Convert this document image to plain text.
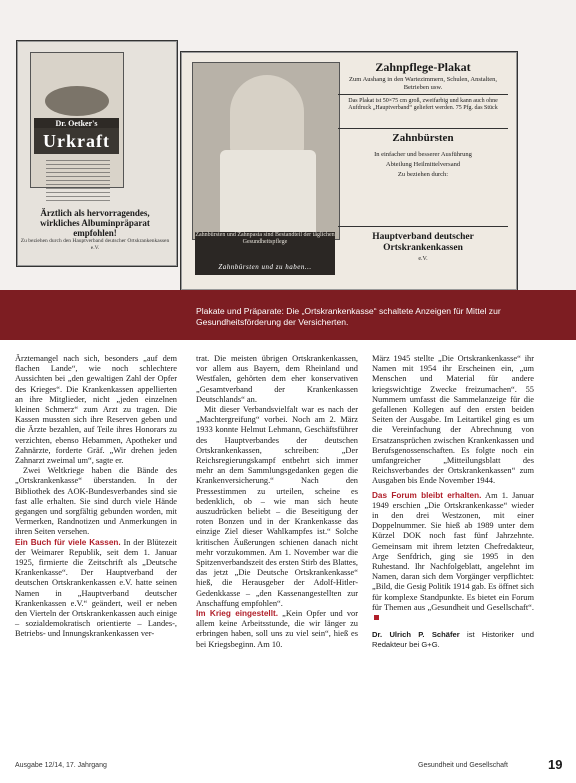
Dr. Oetker's
Urkraft
Ärztlich als hervorragendes, wirkliches Albuminpräparat empfohlen!
Zu beziehen durch den Hauptverband deutscher Ortskrankenkassen e.V.
Zahnbürsten und Zahnpasta sind Bestandteil der täglichen Gesundheitspflege
Zahnbürsten und zu haben...
Zahnpflege-Plakat
Zum Aushang in den Wartezimmern, Schulen, Anstalten, Betrieben usw.
Das Plakat ist 50×75 cm groß, zweifarbig und kann auch ohne Aufdruck „Hauptverband“ geliefert werden. 75 Pfg. das Stück
Zahnbürsten
In einfacher und besserer Ausführung
Abteilung Heilmittelversand
Zu beziehen durch:
Hauptverband deutscher Ortskrankenkassen
e.V.
Plakate und Präparate: Die „Ortskrankenkasse“ schaltete Anzeigen für Mittel zur Gesundheitsförderung der Versicherten.

Ärztemangel nach sich, besonders „auf dem flachen Lande“, wie noch schlechtere Aussichten bei „den gewaltigen Zahl der Opfer des Krieges“. Die Krankenkassen appellierten an ihre Mitglieder, nicht „jeden einzelnen kleinen Schmerz“ zum Arzt zu tragen. Die Kassen mussten sich ihre Reserven geben und die Ärzte bezahlen, auf Teile ihres Honorars zu verzichten, ebenso Hebammen, Apotheker und Zahnärzte, forderte Gräf. „Wir drehen jeden Zahnarzt zweimal um“, sagte er.

Zwei Weltkriege haben die Bände des „Ortskrankenkasse“ überstanden. In der Bibliothek des AOK-Bundesverbandes sind sie fast alle erhalten. Sie sind durch viele Hände gegangen und sorgfältig gebunden worden, mit Vermerken, Randnotizen und Anmerkungen in ihren Seiten versehen.

Ein Buch für viele Kassen. In der Blütezeit der Weimarer Republik, seit dem 1. Januar 1925, firmierte die Zeitschrift als „Deutsche Krankenkasse“. Der Hauptverband der deutschen Ortskrankenkassen e.V. hatte seinen Namen in „Hauptverband deutscher Krankenkassen e.V.“ geändert, weil er neben den Vierteln der Ortskrankenkassen auch einige – sozialdemokratisch orientierte – Landes-, Betriebs- und Innungskrankenkassen ver-

trat. Die meisten übrigen Ortskrankenkassen, vor allem aus Bayern, dem Rheinland und Westfalen, gehörten dem eher konservativen „Gesamtverband der Krankenkassen Deutschlands“ an.

Mit dieser Verbandsvielfalt war es nach der „Machtergreifung“ vorbei. Noch am 2. März 1933 konnte Helmut Lehmann, Geschäftsführer des Hauptverbandes der deutschen Ortskrankenkassen, schreiben: „Der Reichsregierungskampf entbehrt sich immer mehr an dem Sammlungsgedanken gegen die Krankenversicherung.“ Nach den Pressestimmen zu urteilen, scheine es bedenklich, ob – wie man sich heute auszudrücken beliebt – die Beseitigung der roten Bonzen und in der Krankenkasse das einzige Ziel dieser Wahlkampfes ist.“ Solche kritischen Äußerungen schienen danach nicht mehr vorzukommen. Am 1. November war die Spitzenverbandszeit des ersten Stirb des Blattes, das jetzt „Die Deutsche Ortskrankenkasse“ hieß, die Herausgeber der Adolf-Hitler-Gedenkkasse – „den Kassenangestellten zur Anschaffung empfohlen“.

Im Krieg eingestellt. „Kein Opfer und vor allem keine Arbeitsstunde, die wir länger zu erbringen haben, soll uns zu viel sein“, hieß es bei Kriegsbeginn. Am 10.

März 1945 stellte „Die Ortskrankenkasse“ ihr Namen mit 1954 ihr Erscheinen ein, „um Menschen und Material für andere kriegswichtige Zwecke freizumachen“. 55 Nummern umfasst die Sammelanzeige für die gefallenen Kollegen auf den ersten beiden Seiten der Ausgabe. Im Leitartikel ging es um die Vereinfachung der Abrechnung von Ersatzansprüchen zwischen Krankenkassen und Berufsgenossenschaften. Es folgte noch ein umfangreicher „Mitteilungsblatt des Reichsverbandes der Ortskrankenkassen“ zum Ausgaben bis Ende November 1944.

Das Forum bleibt erhalten. Am 1. Januar 1949 erschien „Die Ortskrankenkasse“ wieder in den drei Westzonen, mit einer Doppelnummer. Sie hieß ab 1989 unter dem Kürzel DOK noch fast fünf Jahrzehnte. Gemeinsam mit ihrem letzten Chefredakteur, Arge Senfdrich, ging sie 1995 in den Ruhestand. Ihr Nachfolgeblatt, angelehnt im Namen, daran sich dem Vorgänger verpflichtet: „Bild, die Gesig Politik 1914 gab. Es öffnet sich für komplexe Standpunkte. Es bietet ein Forum für Themen aus „Gesundheit und Gesellschaft“.

Dr. Ulrich P. Schäfer ist Historiker und Redakteur bei G+G.
Ausgabe 12/14, 17. Jahrgang	Gesundheit und Gesellschaft	19
